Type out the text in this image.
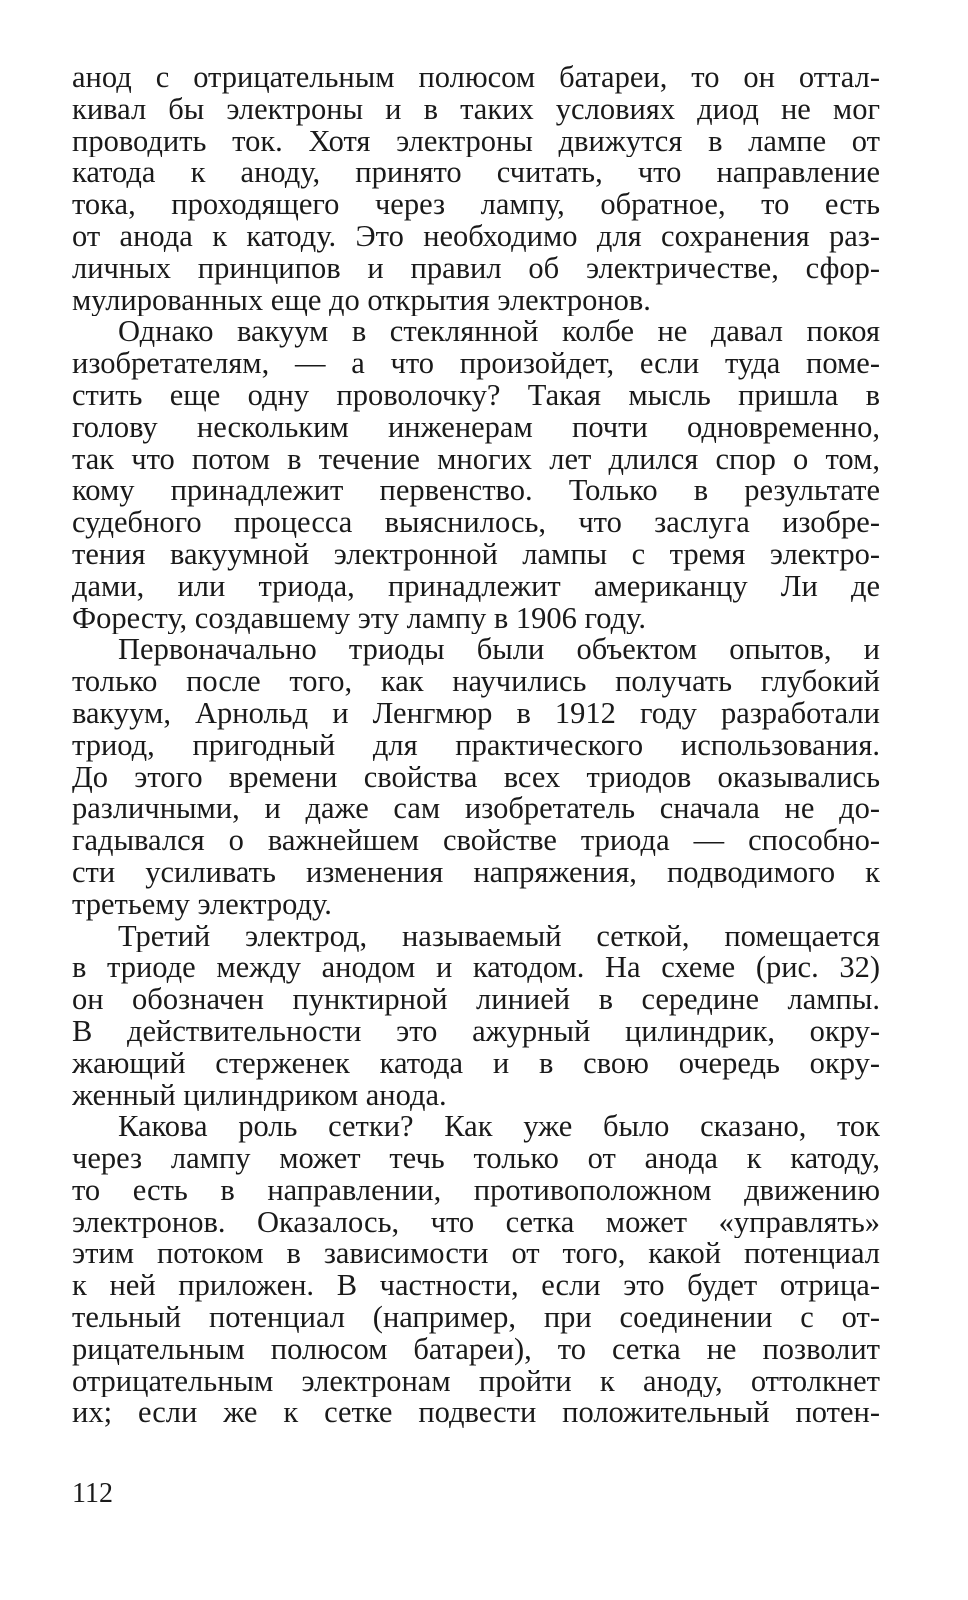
анод с отрицательным полюсом батареи, то он оттал-
кивал бы электроны и в таких условиях диод не мог
проводить ток. Хотя электроны движутся в лампе от
катода к аноду, принято считать, что направление
тока, проходящего через лампу, обратное, то есть
от анода к катоду. Это необходимо для сохранения раз-
личных принципов и правил об электричестве, сфор-
мулированных еще до открытия электронов.
Однако вакуум в стеклянной колбе не давал покоя
изобретателям, — а что произойдет, если туда поме-
стить еще одну проволочку? Такая мысль пришла в
голову нескольким инженерам почти одновременно,
так что потом в течение многих лет длился спор о том,
кому принадлежит первенство. Только в результате
судебного процесса выяснилось, что заслуга изобре-
тения вакуумной электронной лампы с тремя электро-
дами, или триода, принадлежит американцу Ли де
Форесту, создавшему эту лампу в 1906 году.
Первоначально триоды были объектом опытов, и
только после того, как научились получать глубокий
вакуум, Арнольд и Ленгмюр в 1912 году разработали
триод, пригодный для практического использования.
До этого времени свойства всех триодов оказывались
различными, и даже сам изобретатель сначала не до-
гадывался о важнейшем свойстве триода — способно-
сти усиливать изменения напряжения, подводимого к
третьему электроду.
Третий электрод, называемый сеткой, помещается
в триоде между анодом и катодом. На схеме (рис. 32)
он обозначен пунктирной линией в середине лампы.
В действительности это ажурный цилиндрик, окру-
жающий стерженек катода и в свою очередь окру-
женный цилиндриком анода.
Какова роль сетки? Как уже было сказано, ток
через лампу может течь только от анода к катоду,
то есть в направлении, противоположном движению
электронов. Оказалось, что сетка может «управлять»
этим потоком в зависимости от того, какой потенциал
к ней приложен. В частности, если это будет отрица-
тельный потенциал (например, при соединении с от-
рицательным полюсом батареи), то сетка не позволит
отрицательным электронам пройти к аноду, оттолкнет
их; если же к сетке подвести положительный потен-
112
